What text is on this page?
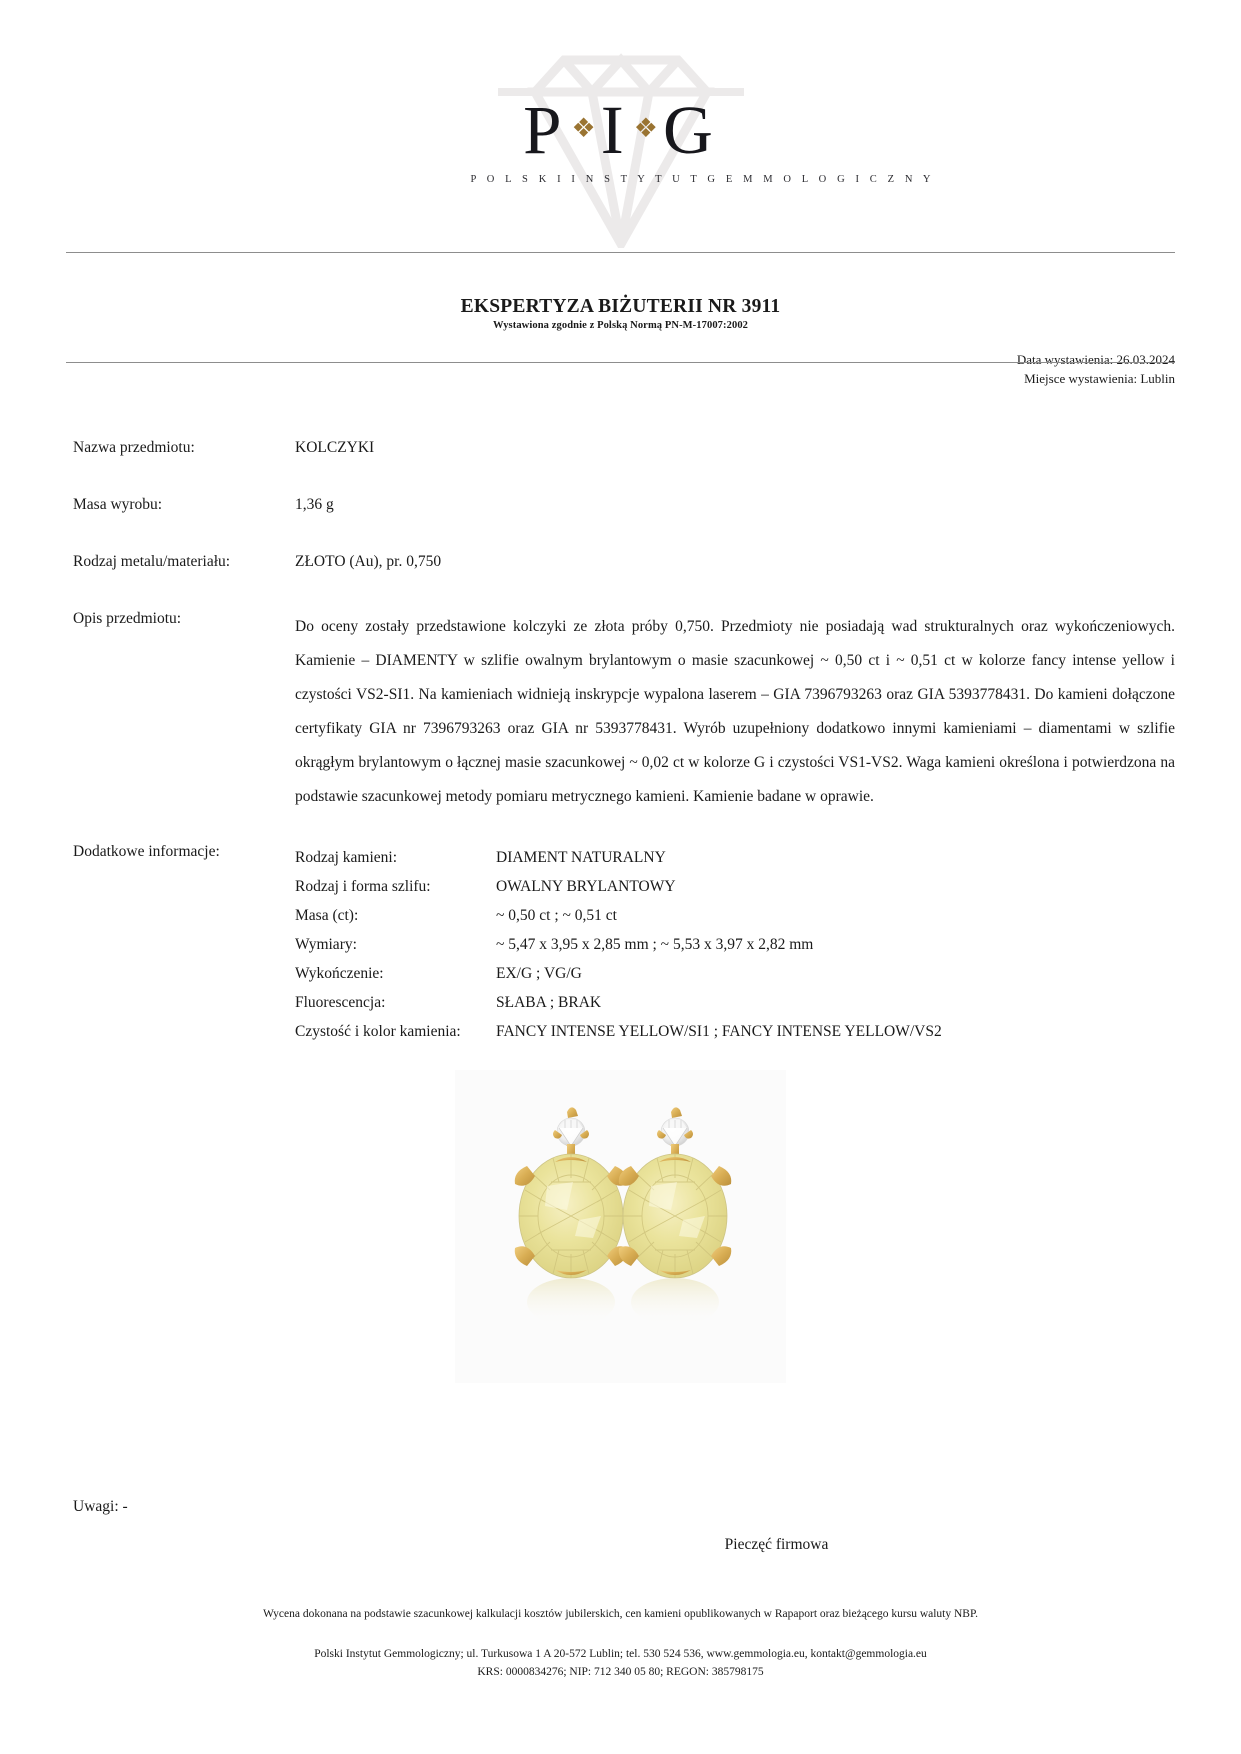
P ❖I ❖G
P O L S K I I N S T Y T U T G E M M O L O G I C Z N Y
EKSPERTYZA BIŻUTERII NR 3911
Wystawiona zgodnie z Polską Normą PN-M-17007:2002
Data wystawienia: 26.03.2024
Miejsce wystawienia: Lublin
Nazwa przedmiotu:	KOLCZYKI
Masa wyrobu:	1,36 g
Rodzaj metalu/materiału:	ZŁOTO (Au), pr. 0,750
Opis przedmiotu:	Do oceny zostały przedstawione kolczyki ze złota próby 0,750. Przedmioty nie posiadają wad strukturalnych oraz wykończeniowych. Kamienie – DIAMENTY w szlifie owalnym brylantowym o masie szacunkowej ~ 0,50 ct i ~ 0,51 ct w kolorze fancy intense yellow i czystości VS2-SI1. Na kamieniach widnieją inskrypcje wypalona laserem – GIA 7396793263 oraz GIA 5393778431. Do kamieni dołączone certyfikaty GIA nr 7396793263 oraz GIA nr 5393778431. Wyrób uzupełniony dodatkowo innymi kamieniami – diamentami w szlifie okrągłym brylantowym o łącznej masie szacunkowej ~ 0,02 ct w kolorze G i czystości VS1-VS2. Waga kamieni określona i potwierdzona na podstawie szacunkowej metody pomiaru metrycznego kamieni. Kamienie badane w oprawie.
Dodatkowe informacje:	Rodzaj kamieni:	DIAMENT NATURALNY
Rodzaj i forma szlifu:	OWALNY BRYLANTOWY
Masa (ct):	~ 0,50 ct ; ~ 0,51 ct
Wymiary:	~ 5,47 x 3,95 x 2,85 mm ; ~ 5,53 x 3,97 x 2,82 mm
Wykończenie:	EX/G ; VG/G
Fluorescencja:	SŁABA ; BRAK
Czystość i kolor kamienia: FANCY INTENSE YELLOW/SI1 ; FANCY INTENSE YELLOW/VS2
Uwagi: -
Pieczęć firmowa
Wycena dokonana na podstawie szacunkowej kalkulacji kosztów jubilerskich, cen kamieni opublikowanych w Rapaport oraz bieżącego kursu waluty NBP.
Polski Instytut Gemmologiczny; ul. Turkusowa 1 A 20-572 Lublin; tel. 530 524 536, www.gemmologia.eu, kontakt@gemmologia.eu
KRS: 0000834276; NIP: 712 340 05 80; REGON: 385798175
